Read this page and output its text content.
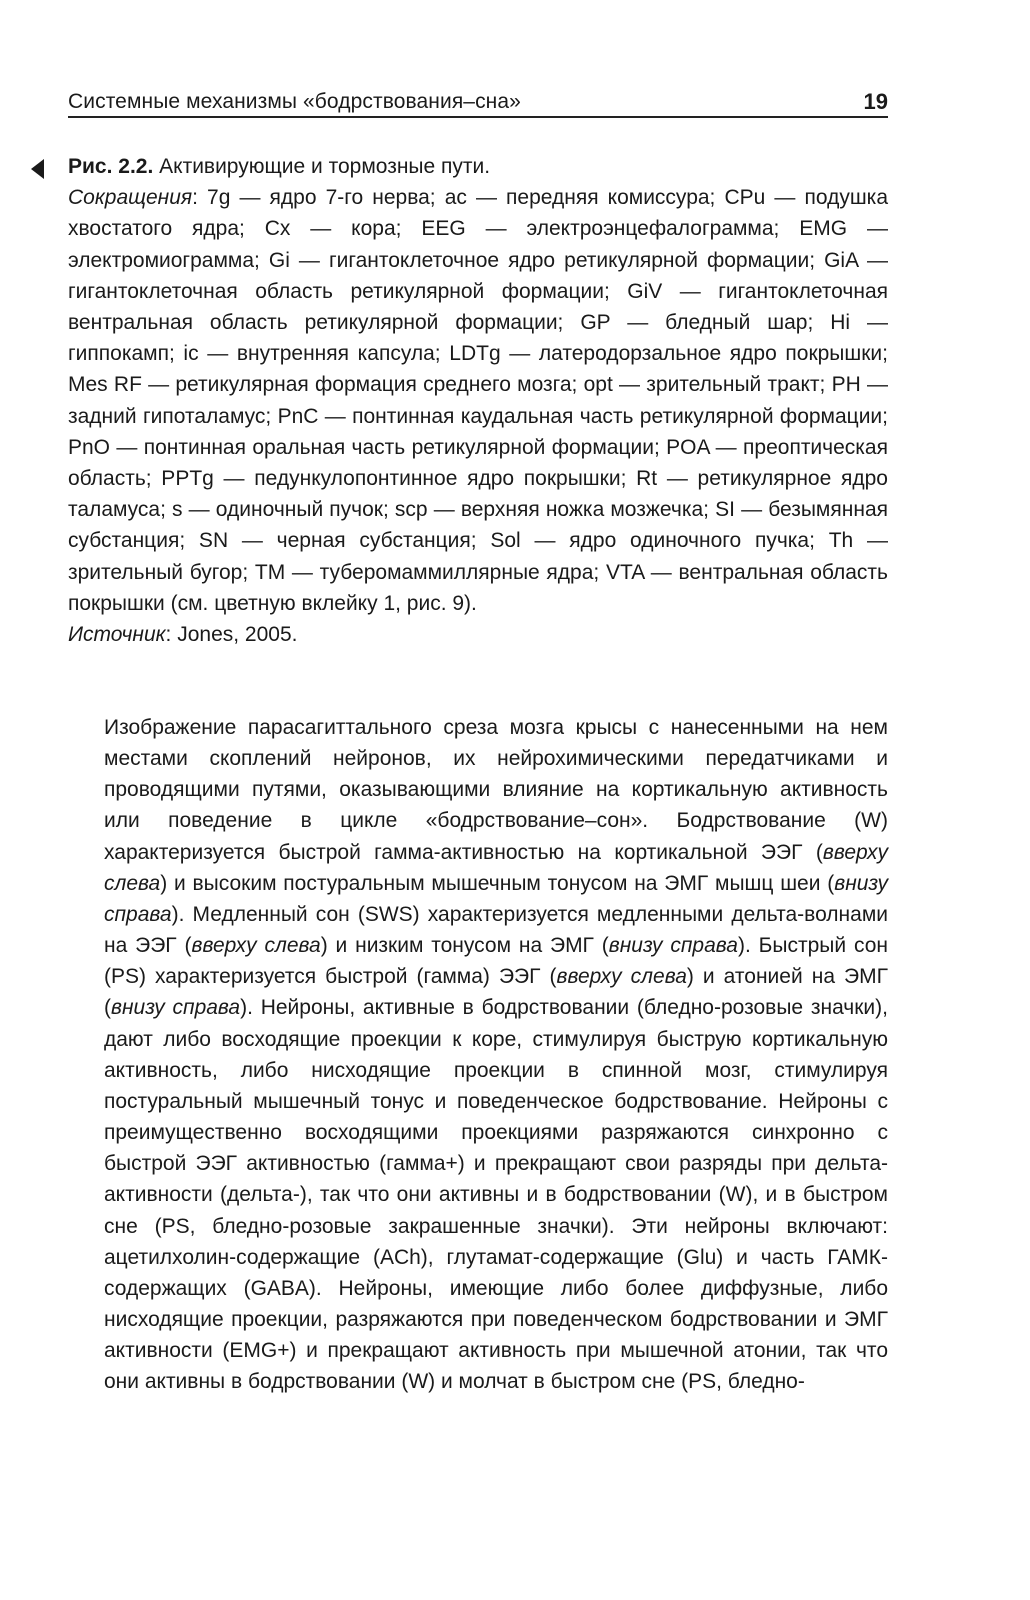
Системные механизмы «бодрствования–сна»	19
Рис. 2.2. Активирующие и тормозные пути.
Сокращения: 7g — ядро 7-го нерва; ac — передняя комиссура; CPu — подушка хвостатого ядра; Cx — кора; EEG — электроэнцефалограмма; EMG — электромиограмма; Gi — гигантоклеточное ядро ретикулярной формации; GiA — гигантоклеточная область ретикулярной формации; GiV — гигантоклеточная вентральная область ретикулярной формации; GP — бледный шар; Hi — гиппокамп; ic — внутренняя капсула; LDTg — латеродорзальное ядро покрышки; Mes RF — ретикулярная формация среднего мозга; opt — зрительный тракт; PH — задний гипоталамус; PnC — понтинная каудальная часть ретикулярной формации; PnO — понтинная оральная часть ретикулярной формации; POA — преоптическая область; PPTg — педункулопонтинное ядро покрышки; Rt — ретикулярное ядро таламуса; s — одиночный пучок; scp — верхняя ножка мозжечка; SI — безымянная субстанция; SN — черная субстанция; Sol — ядро одиночного пучка; Th — зрительный бугор; TM — туберомаммиллярные ядра; VTA — вентральная область покрышки (см. цветную вклейку 1, рис. 9).
Источник: Jones, 2005.
Изображение парасагиттального среза мозга крысы с нанесенными на нем местами скоплений нейронов, их нейрохимическими передатчиками и проводящими путями, оказывающими влияние на кортикальную активность или поведение в цикле «бодрствование–сон». Бодрствование (W) характеризуется быстрой гамма-активностью на кортикальной ЭЭГ (вверху слева) и высоким постуральным мышечным тонусом на ЭМГ мышц шеи (внизу справа). Медленный сон (SWS) характеризуется медленными дельта-волнами на ЭЭГ (вверху слева) и низким тонусом на ЭМГ (внизу справа). Быстрый сон (PS) характеризуется быстрой (гамма) ЭЭГ (вверху слева) и атонией на ЭМГ (внизу справа). Нейроны, активные в бодрствовании (бледно-розовые значки), дают либо восходящие проекции к коре, стимулируя быструю кортикальную активность, либо нисходящие проекции в спинной мозг, стимулируя постуральный мышечный тонус и поведенческое бодрствование. Нейроны с преимущественно восходящими проекциями разряжаются синхронно с быстрой ЭЭГ активностью (гамма+) и прекращают свои разряды при дельта-активности (дельта-), так что они активны и в бодрствовании (W), и в быстром сне (PS, бледно-розовые закрашенные значки). Эти нейроны включают: ацетилхолин-содержащие (ACh), глутамат-содержащие (Glu) и часть ГАМК-содержащих (GABA). Нейроны, имеющие либо более диффузные, либо нисходящие проекции, разряжаются при поведенческом бодрствовании и ЭМГ активности (EMG+) и прекращают активность при мышечной атонии, так что они активны в бодрствовании (W) и молчат в быстром сне (PS, бледно-
